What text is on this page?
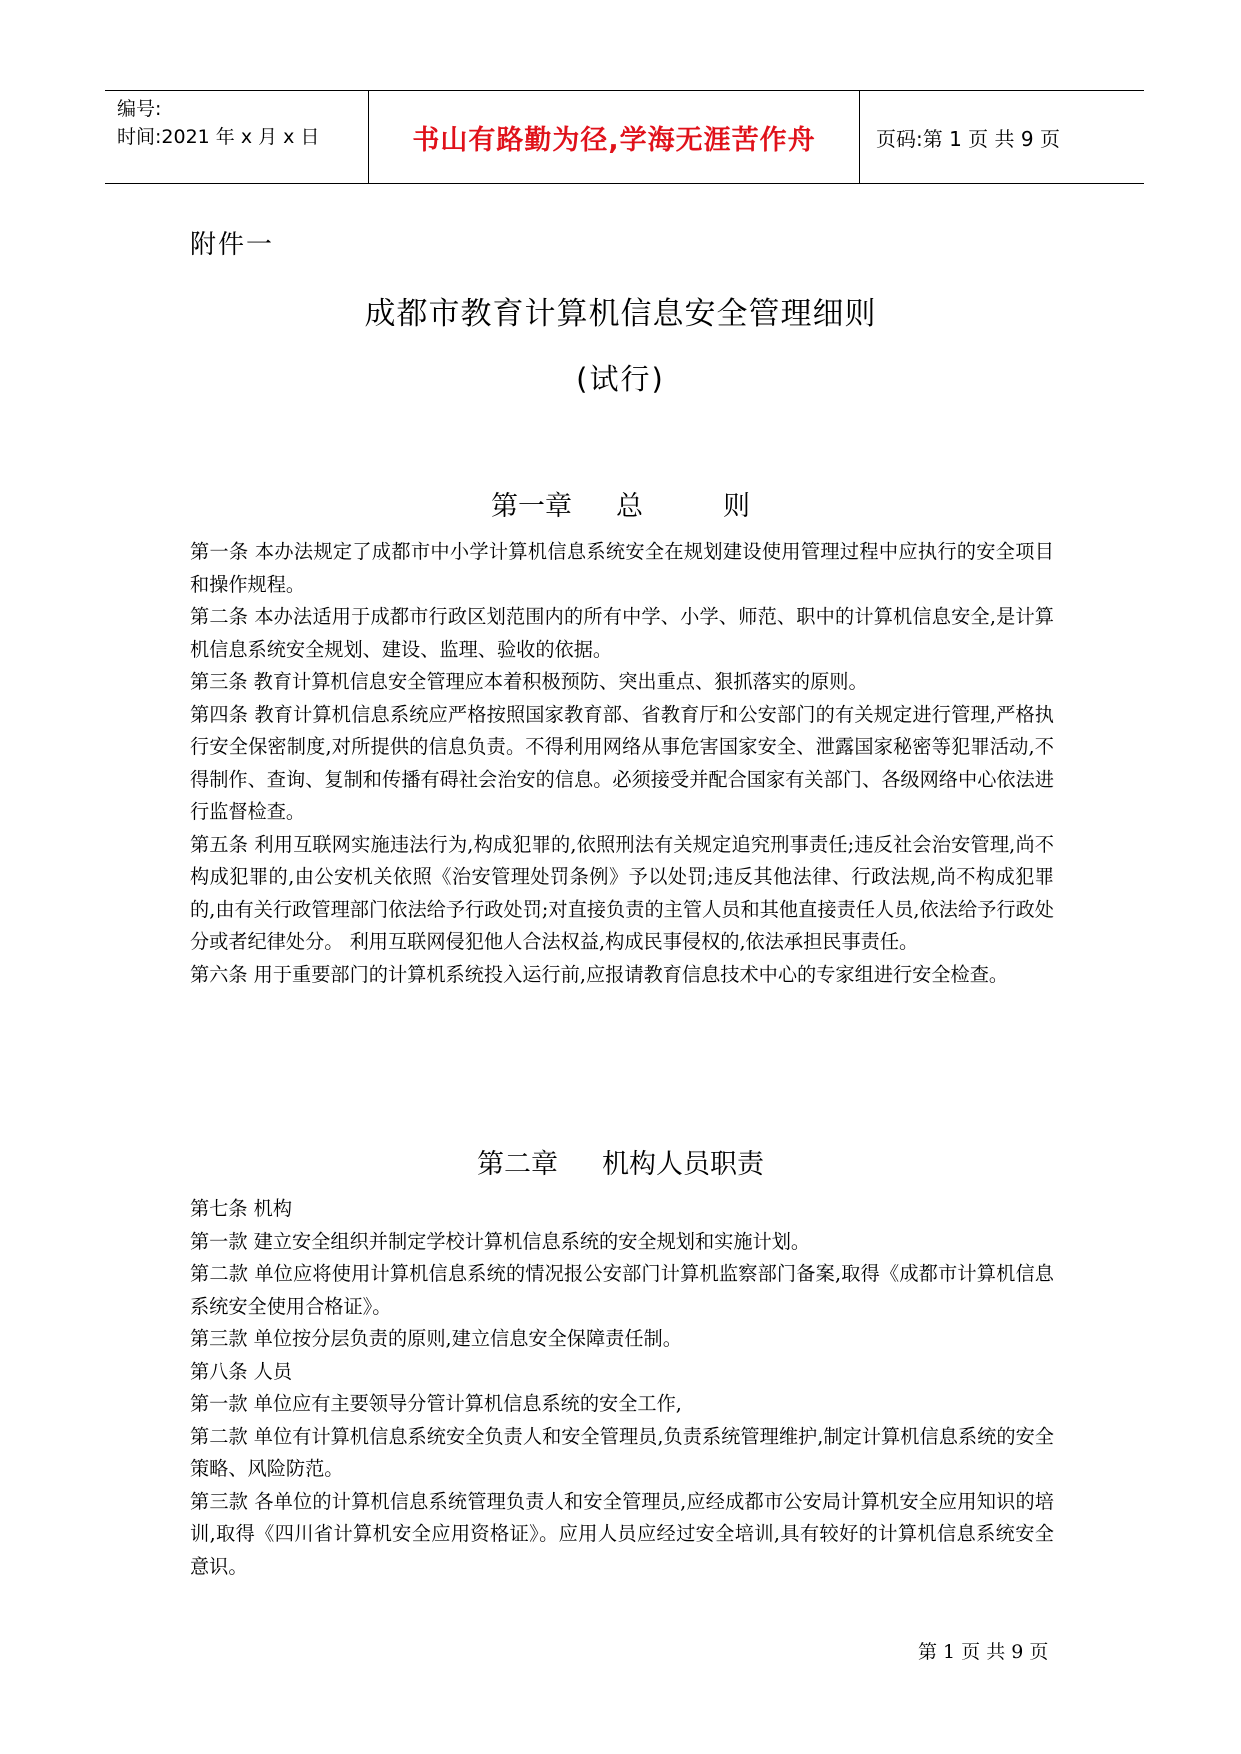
编号:
时间:2021 年 x 月 x 日	书山有路勤为径,学海无涯苦作舟	页码:第 1 页 共 9 页
附件一
成都市教育计算机信息安全管理细则
(试行)
第一章 总	则

第一条 本办法规定了成都市中小学计算机信息系统安全在规划建设使用管理过程中应执行的安全项目和操作规程。

第二条 本办法适用于成都市行政区划范围内的所有中学、小学、师范、职中的计算机信息安全,是计算机信息系统安全规划、建设、监理、验收的依据。

第三条 教育计算机信息安全管理应本着积极预防、突出重点、狠抓落实的原则。

第四条 教育计算机信息系统应严格按照国家教育部、省教育厅和公安部门的有关规定进行管理,严格执行安全保密制度,对所提供的信息负责。不得利用网络从事危害国家安全、泄露国家秘密等犯罪活动,不得制作、查询、复制和传播有碍社会治安的信息。必须接受并配合国家有关部门、各级网络中心依法进行监督检查。

第五条 利用互联网实施违法行为,构成犯罪的,依照刑法有关规定追究刑事责任;违反社会治安管理,尚不构成犯罪的,由公安机关依照《治安管理处罚条例》予以处罚;违反其他法律、行政法规,尚不构成犯罪的,由有关行政管理部门依法给予行政处罚;对直接负责的主管人员和其他直接责任人员,依法给予行政处分或者纪律处分。 利用互联网侵犯他人合法权益,构成民事侵权的,依法承担民事责任。

第六条 用于重要部门的计算机系统投入运行前,应报请教育信息技术中心的专家组进行安全检查。

第二章 机构人员职责

第七条 机构

第一款 建立安全组织并制定学校计算机信息系统的安全规划和实施计划。

第二款 单位应将使用计算机信息系统的情况报公安部门计算机监察部门备案,取得《成都市计算机信息系统安全使用合格证》。

第三款 单位按分层负责的原则,建立信息安全保障责任制。

第八条 人员

第一款 单位应有主要领导分管计算机信息系统的安全工作,

第二款 单位有计算机信息系统安全负责人和安全管理员,负责系统管理维护,制定计算机信息系统的安全策略、风险防范。

第三款 各单位的计算机信息系统管理负责人和安全管理员,应经成都市公安局计算机安全应用知识的培训,取得《四川省计算机安全应用资格证》。应用人员应经过安全培训,具有较好的计算机信息系统安全意识。

第 1 页 共 9 页
